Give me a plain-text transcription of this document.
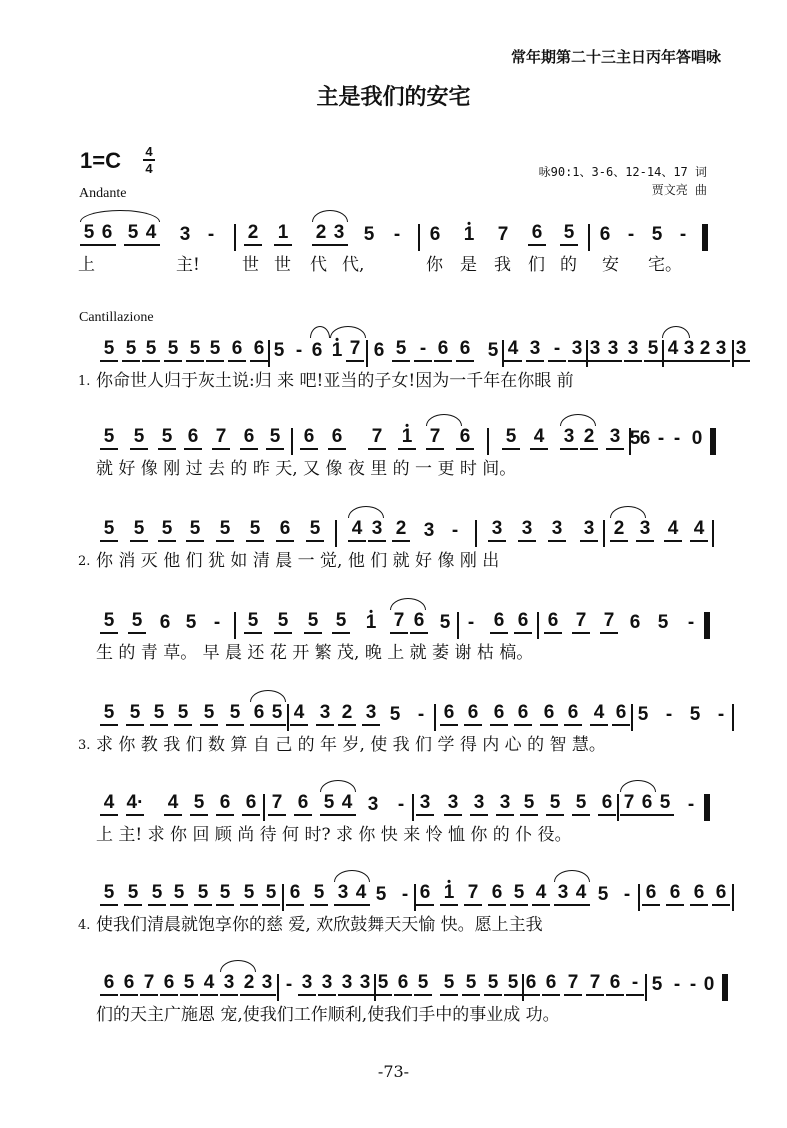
常年期第二十三主日丙年答唱咏
主是我们的安宅
1=C 4
4
Andante
咏90:1、3-6、12-14、17 词
贾文亮 曲
Cantillazione
5 6 5 4 3 -	2 1 2 3 5	-	6 • 1 7 6 5 6 - 5 -
上	主! 世 世 代 代,	你 是 我 们 的 安 宅。
5 5 5 5 5 5 6 6 5 - 6 • 1 7 6 5 - 6 6 5 4 3 - 3 3 3 3 5 4 3 2 3 3
1. 你命世人归于灰土说:归 来 吧!亚当的子女!因为一千年在你眼 前
5 5 5 6 7 6 5 6 6 7 • 1 7 6 5 4 3 2 3 6
5 - - 0
就 好 像 刚 过 去 的 昨 天, 又 像 夜 里 的 一 更 时 间。
5 5 5 5 5 5 6 5 4 3 2 3 -	3 3 3 3 2 3 4 4
2. 你 消 灭 他 们 犹 如 清 晨 一 觉, 他 们 就 好 像 刚 出
5 5 6 5 -	5 5 5 5 • 1 7 6 5 -	6 6 6 7 7 6 5	-
生 的 青 草。 早 晨 还 花 开 繁 茂, 晚 上 就 萎 谢 枯 槁。
5 5 5 5 5 5 6 5 4 3 2 3 5 -	6 6 6 6 6 6 4 6 5 - 5 -
3. 求 你 教 我 们 数 算 自 己 的 年 岁, 使 我 们 学 得 内 心 的 智 慧。
4 4· 4 5 6 6 7 6 5 4 3	- 3 3 3 3 5 5 5 6 7 6 5 -
上 主! 求 你 回 顾 尚 待 何 时? 求 你 快 来 怜 恤 你 的 仆 役。
5 5 5 5 5 5 5 5 6 5 3 4 5 - 6 • 1 7 6 5 4 3 4 5 - 6 6 6 6
4. 使我们清晨就饱享你的慈 爱, 欢欣鼓舞天天愉 快。愿上主我
6 6 7 6 5 4 3 2 3 - 3 3 3 3 5 6 5 5 5 5 5 6 6 7 7 6 - 5 - - 0
们的天主广施恩 宠,使我们工作顺利,使我们手中的事业成 功。
-73-
